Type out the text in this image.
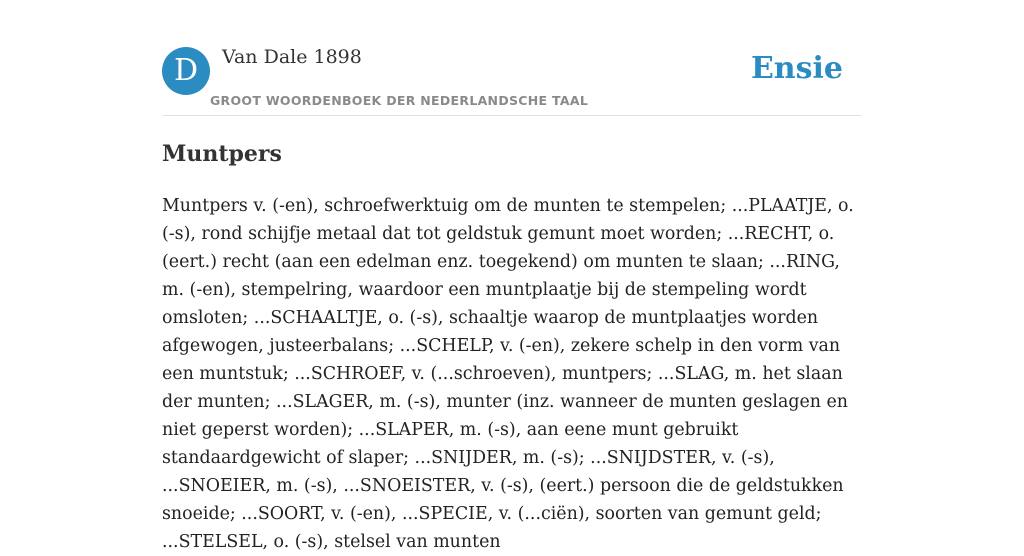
D	Van Dale 1898
GROOT WOORDENBOEK DER NEDERLANDSCHE TAAL
Ensie
Muntpers

Muntpers v. (-en), schroefwerktuig om de munten te stempelen; ...PLAATJE, o. (-s), rond schijfje metaal dat tot geldstuk gemunt moet worden; ...RECHT, o. (eert.) recht (aan een edelman enz. toegekend) om munten te slaan; ...RING, m. (-en), stempelring, waardoor een muntplaatje bij de stempeling wordt omsloten; ...SCHAALTJE, o. (-s), schaaltje waarop de muntplaatjes worden afgewogen, justeerbalans; ...SCHELP, v. (-en), zekere schelp in den vorm van een muntstuk; ...SCHROEF, v. (...schroeven), muntpers; ...SLAG, m. het slaan der munten; ...SLAGER, m. (-s), munter (inz. wanneer de munten geslagen en niet geperst worden); ...SLAPER, m. (-s), aan eene munt gebruikt standaardgewicht of slaper; ...SNIJDER, m. (-s); ...SNIJDSTER, v. (-s), ...SNOEIER, m. (-s), ...SNOEISTER, v. (-s), (eert.) persoon die de geldstukken snoeide; ...SOORT, v. (-en), ...SPECIE, v. (...ciën), soorten van gemunt geld; ...STELSEL, o. (-s), stelsel van munten
